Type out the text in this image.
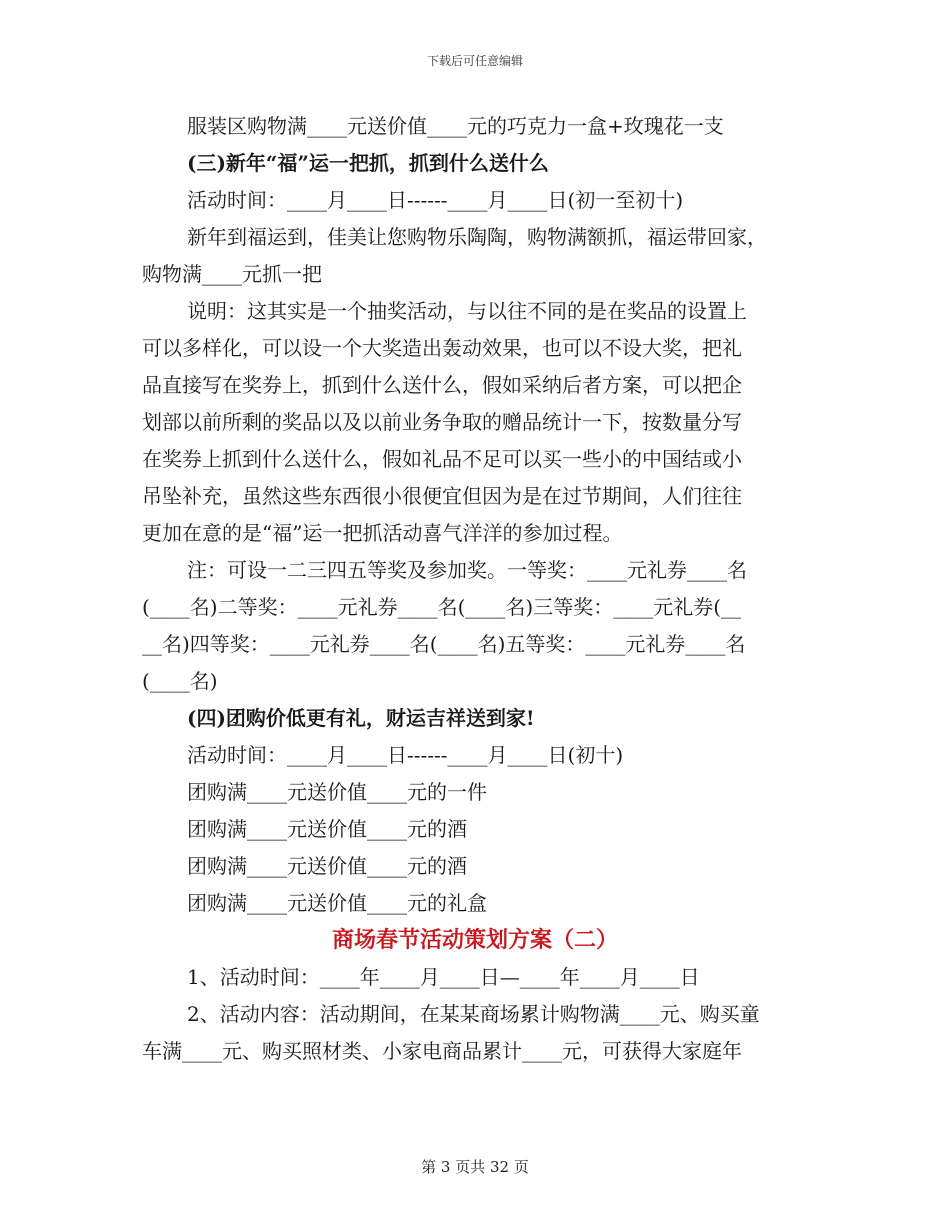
下载后可任意编辑
服装区购物满____元送价值____元的巧克力一盒+玫瑰花一支
(三)新年“福”运一把抓，抓到什么送什么
活动时间：____月____日------____月____日(初一至初十)
新年到福运到，佳美让您购物乐陶陶，购物满额抓，福运带回家，
购物满____元抓一把
说明：这其实是一个抽奖活动，与以往不同的是在奖品的设置上
可以多样化，可以设一个大奖造出轰动效果，也可以不设大奖，把礼
品直接写在奖券上，抓到什么送什么，假如采纳后者方案，可以把企
划部以前所剩的奖品以及以前业务争取的赠品统计一下，按数量分写
在奖券上抓到什么送什么，假如礼品不足可以买一些小的中国结或小
吊坠补充，虽然这些东西很小很便宜但因为是在过节期间，人们往往
更加在意的是“福”运一把抓活动喜气洋洋的参加过程。
注：可设一二三四五等奖及参加奖。一等奖：____元礼券____名
(____名)二等奖：____元礼券____名(____名)三等奖：____元礼券(__
__名)四等奖：____元礼券____名(____名)五等奖：____元礼券____名
(____名)
(四)团购价低更有礼，财运吉祥送到家!
活动时间：____月____日------____月____日(初十)
团购满____元送价值____元的一件
团购满____元送价值____元的酒
团购满____元送价值____元的酒
团购满____元送价值____元的礼盒
商场春节活动策划方案（二）
1、活动时间：____年____月____日—____年____月____日
2、活动内容：活动期间，在某某商场累计购物满____元、购买童
车满____元、购买照材类、小家电商品累计____元，可获得大家庭年
第 3 页共 32 页
